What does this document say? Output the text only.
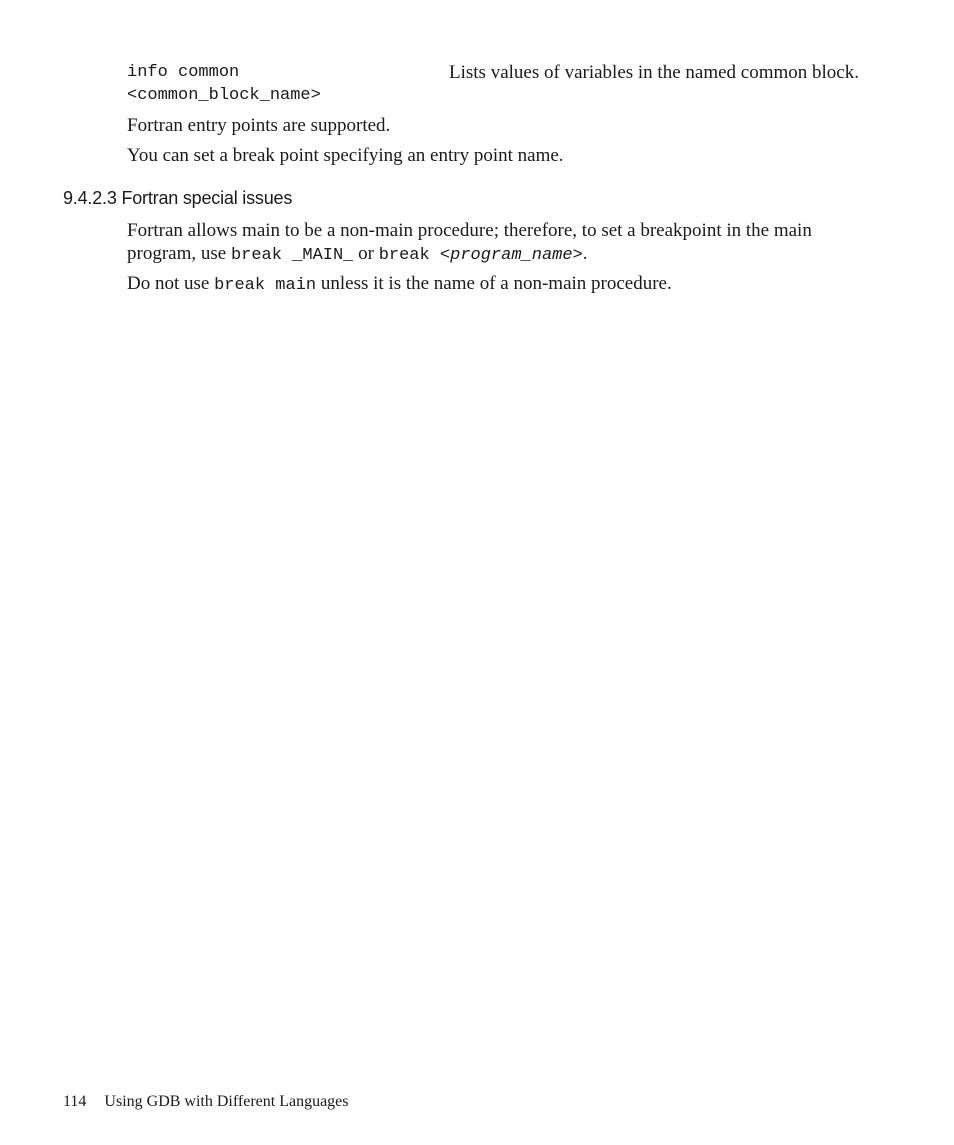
info common
<common_block_name>
Lists values of variables in the named common block.

Fortran entry points are supported.

You can set a break point specifying an entry point name.

9.4.2.3 Fortran special issues

Fortran allows main to be a non-main procedure; therefore, to set a breakpoint in the main program, use break _MAIN_ or break <program_name>.

Do not use break main unless it is the name of a non-main procedure.

114 Using GDB with Different Languages
